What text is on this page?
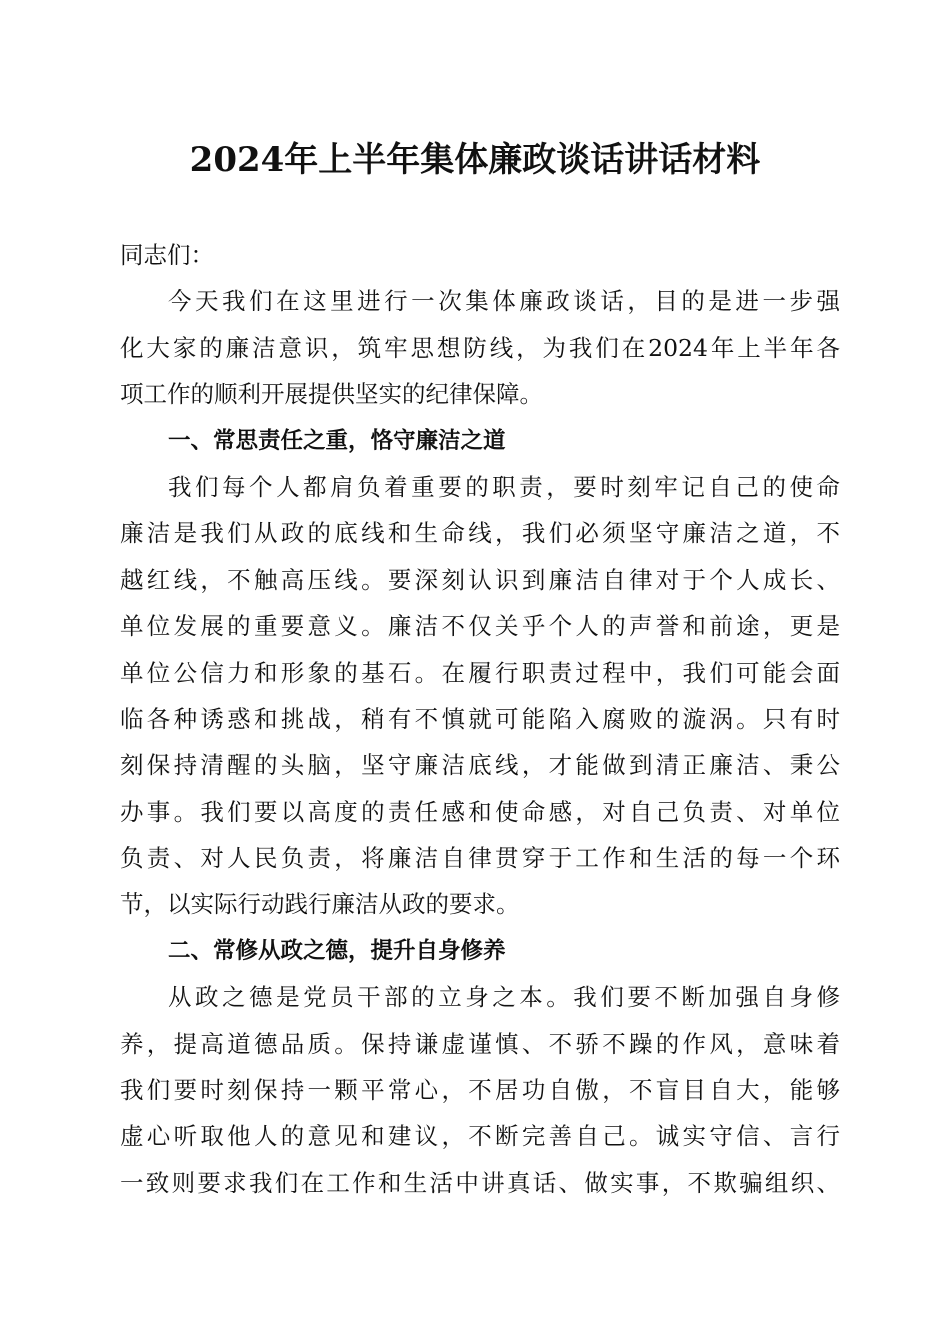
2024年上半年集体廉政谈话讲话材料
同志们：
今天我们在这里进行一次集体廉政谈话，目的是进一步强
化大家的廉洁意识，筑牢思想防线，为我们在2024年上半年各
项工作的顺利开展提供坚实的纪律保障。
一、常思责任之重，恪守廉洁之道
我们每个人都肩负着重要的职责，要时刻牢记自己的使命
廉洁是我们从政的底线和生命线，我们必须坚守廉洁之道，不
越红线，不触高压线。要深刻认识到廉洁自律对于个人成长、
单位发展的重要意义。廉洁不仅关乎个人的声誉和前途，更是
单位公信力和形象的基石。在履行职责过程中，我们可能会面
临各种诱惑和挑战，稍有不慎就可能陷入腐败的漩涡。只有时
刻保持清醒的头脑，坚守廉洁底线，才能做到清正廉洁、秉公
办事。我们要以高度的责任感和使命感，对自己负责、对单位
负责、对人民负责，将廉洁自律贯穿于工作和生活的每一个环
节，以实际行动践行廉洁从政的要求。
二、常修从政之德，提升自身修养
从政之德是党员干部的立身之本。我们要不断加强自身修
养，提高道德品质。保持谦虚谨慎、不骄不躁的作风，意味着
我们要时刻保持一颗平常心，不居功自傲，不盲目自大，能够
虚心听取他人的意见和建议，不断完善自己。诚实守信、言行
一致则要求我们在工作和生活中讲真话、做实事，不欺骗组织、
